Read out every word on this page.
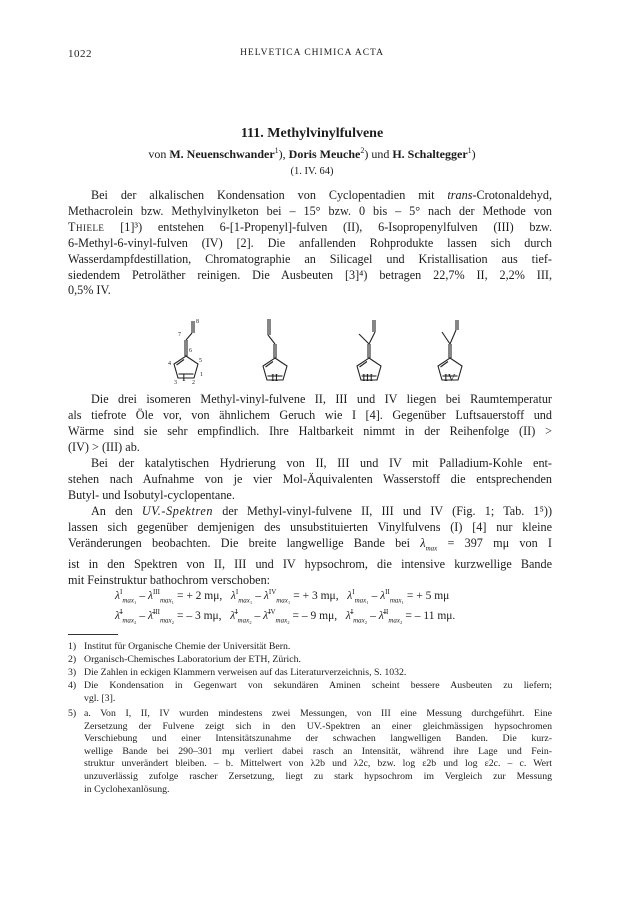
1022	HELVETICA CHIMICA ACTA
111. Methylvinylfulvene
von M. Neuenschwander$^1$), Doris Meuche$^2$) und H. Schaltegger$^1$)
(1. IV. 64)
Bei der alkalischen Kondensation von Cyclopentadien mit trans-Crotonaldehyd,
Methacrolein bzw. Methylvinylketon bei – 15° bzw. 0 bis – 5° nach der Methode von
Thiele [1]³) entstehen 6-[1-Propenyl]-fulven (II), 6-Isopropenylfulven (III) bzw.
6-Methyl-6-vinyl-fulven (IV) [2]. Die anfallenden Rohprodukte lassen sich durch
Wasserdampfdestillation, Chromatographie an Silicagel und Kristallisation aus tief-
siedendem Petroläther reinigen. Die Ausbeuten [3]⁴) betragen 22,7% II, 2,2% III,
0,5% IV.
8
7
6
5
4
1
3	2
I	II	III	IV
Die drei isomeren Methyl-vinyl-fulvene II, III und IV liegen bei Raumtemperatur
als tiefrote Öle vor, von ähnlichem Geruch wie I [4]. Gegenüber Luftsauerstoff und
Wärme sind sie sehr empfindlich. Ihre Haltbarkeit nimmt in der Reihenfolge (II) >
(IV) > (III) ab.
Bei der katalytischen Hydrierung von II, III und IV mit Palladium-Kohle ent-
stehen nach Aufnahme von je vier Mol-Äquivalenten Wasserstoff die entsprechenden
Butyl- und Isobutyl-cyclopentane.
An den UV.-Spektren der Methyl-vinyl-fulvene II, III und IV (Fig. 1; Tab. 1⁵))
lassen sich gegenüber demjenigen des unsubstituierten Vinylfulvens (I) [4] nur kleine
Veränderungen beobachten. Die breite langwellige Bande bei $\lambda_{max} = 397$ mμ von I
ist in den Spektren von II, III und IV hypsochrom, die intensive kurzwellige Bande
mit Feinstruktur bathochrom verschoben:
$\lambda^I_{max_1} - \lambda^{III}_{max_1}$ = + 2 mμ, $\lambda^I_{max_1} - \lambda^{IV}_{max_1}$ = + 3 mμ, $\lambda^I_{max_1} - \lambda^{II}_{max_1}$ = + 5 mμ
λ̄$^I_{max_2}$ – λ̄$^{III}_{max_2}$ = – 3 mμ, λ̄$^I_{max_2}$ – λ̄$^{IV}_{max_2}$ = – 9 mμ, λ̄$^I_{max_2}$ – λ̄$^{II}_{max_2}$ = – 11 mμ.
1) Institut für Organische Chemie der Universität Bern.
2) Organisch-Chemisches Laboratorium der ETH, Zürich.
3) Die Zahlen in eckigen Klammern verweisen auf das Literaturverzeichnis, S. 1032.
4) Die Kondensation in Gegenwart von sekundären Aminen scheint bessere Ausbeuten zu liefern;
vgl. [3].
5) a. Von I, II, IV wurden mindestens zwei Messungen, von III eine Messung durchgeführt. Eine
Zersetzung der Fulvene zeigt sich in den UV.-Spektren an einer gleichmässigen hypsochromen
Verschiebung und einer Intensitätszunahme der schwachen langwelligen Banden. Die kurz-
wellige Bande bei 290–301 mμ verliert dabei rasch an Intensität, während ihre Lage und Fein-
struktur unverändert bleiben. – b. Mittelwert von λ2b und λ2c, bzw. log ε2b und log ε2c. – c. Wert
unzuverlässig zufolge rascher Zersetzung, liegt zu stark hypsochrom im Vergleich zur Messung
in Cyclohexanlösung.
